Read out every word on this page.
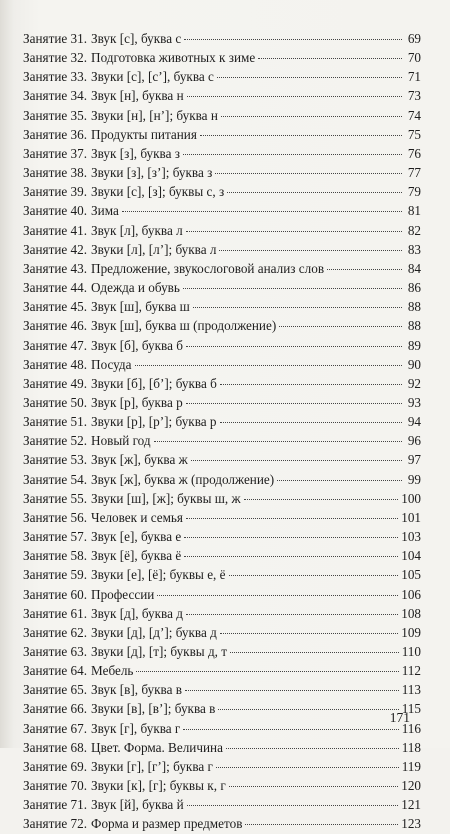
Занятие 31. Звук [с], буква с	69
Занятие 32. Подготовка животных к зиме	70
Занятие 33. Звуки [с], [с’], буква с	71
Занятие 34. Звук [н], буква н	73
Занятие 35. Звуки [н], [н’]; буква н	74
Занятие 36. Продукты питания	75
Занятие 37. Звук [з], буква з	76
Занятие 38. Звуки [з], [з’]; буква з	77
Занятие 39. Звуки [с], [з]; буквы с, з	79
Занятие 40. Зима	81
Занятие 41. Звук [л], буква л	82
Занятие 42. Звуки [л], [л’]; буква л	83
Занятие 43. Предложение, звукослоговой анализ слов	84
Занятие 44. Одежда и обувь	86
Занятие 45. Звук [ш], буква ш	88
Занятие 46. Звук [ш], буква ш (продолжение)	88
Занятие 47. Звук [б], буква б	89
Занятие 48. Посуда	90
Занятие 49. Звуки [б], [б’]; буква б	92
Занятие 50. Звук [р], буква р	93
Занятие 51. Звуки [р], [р’]; буква р	94
Занятие 52. Новый год	96
Занятие 53. Звук [ж], буква ж	97
Занятие 54. Звук [ж], буква ж (продолжение)	99
Занятие 55. Звуки [ш], [ж]; буквы ш, ж	100
Занятие 56. Человек и семья	101
Занятие 57. Звук [е], буква е	103
Занятие 58. Звук [ё], буква ё	104
Занятие 59. Звуки [е], [ё]; буквы е, ё	105
Занятие 60. Профессии	106
Занятие 61. Звук [д], буква д	108
Занятие 62. Звуки [д], [д’]; буква д	109
Занятие 63. Звуки [д], [т]; буквы д, т	110
Занятие 64. Мебель	112
Занятие 65. Звук [в], буква в	113
Занятие 66. Звуки [в], [в’]; буква в	115
Занятие 67. Звук [г], буква г	116
Занятие 68. Цвет. Форма. Величина	118
Занятие 69. Звуки [г], [г’]; буква г	119
Занятие 70. Звуки [к], [г]; буквы к, г	120
Занятие 71. Звук [й], буква й	121
Занятие 72. Форма и размер предметов	123
171
